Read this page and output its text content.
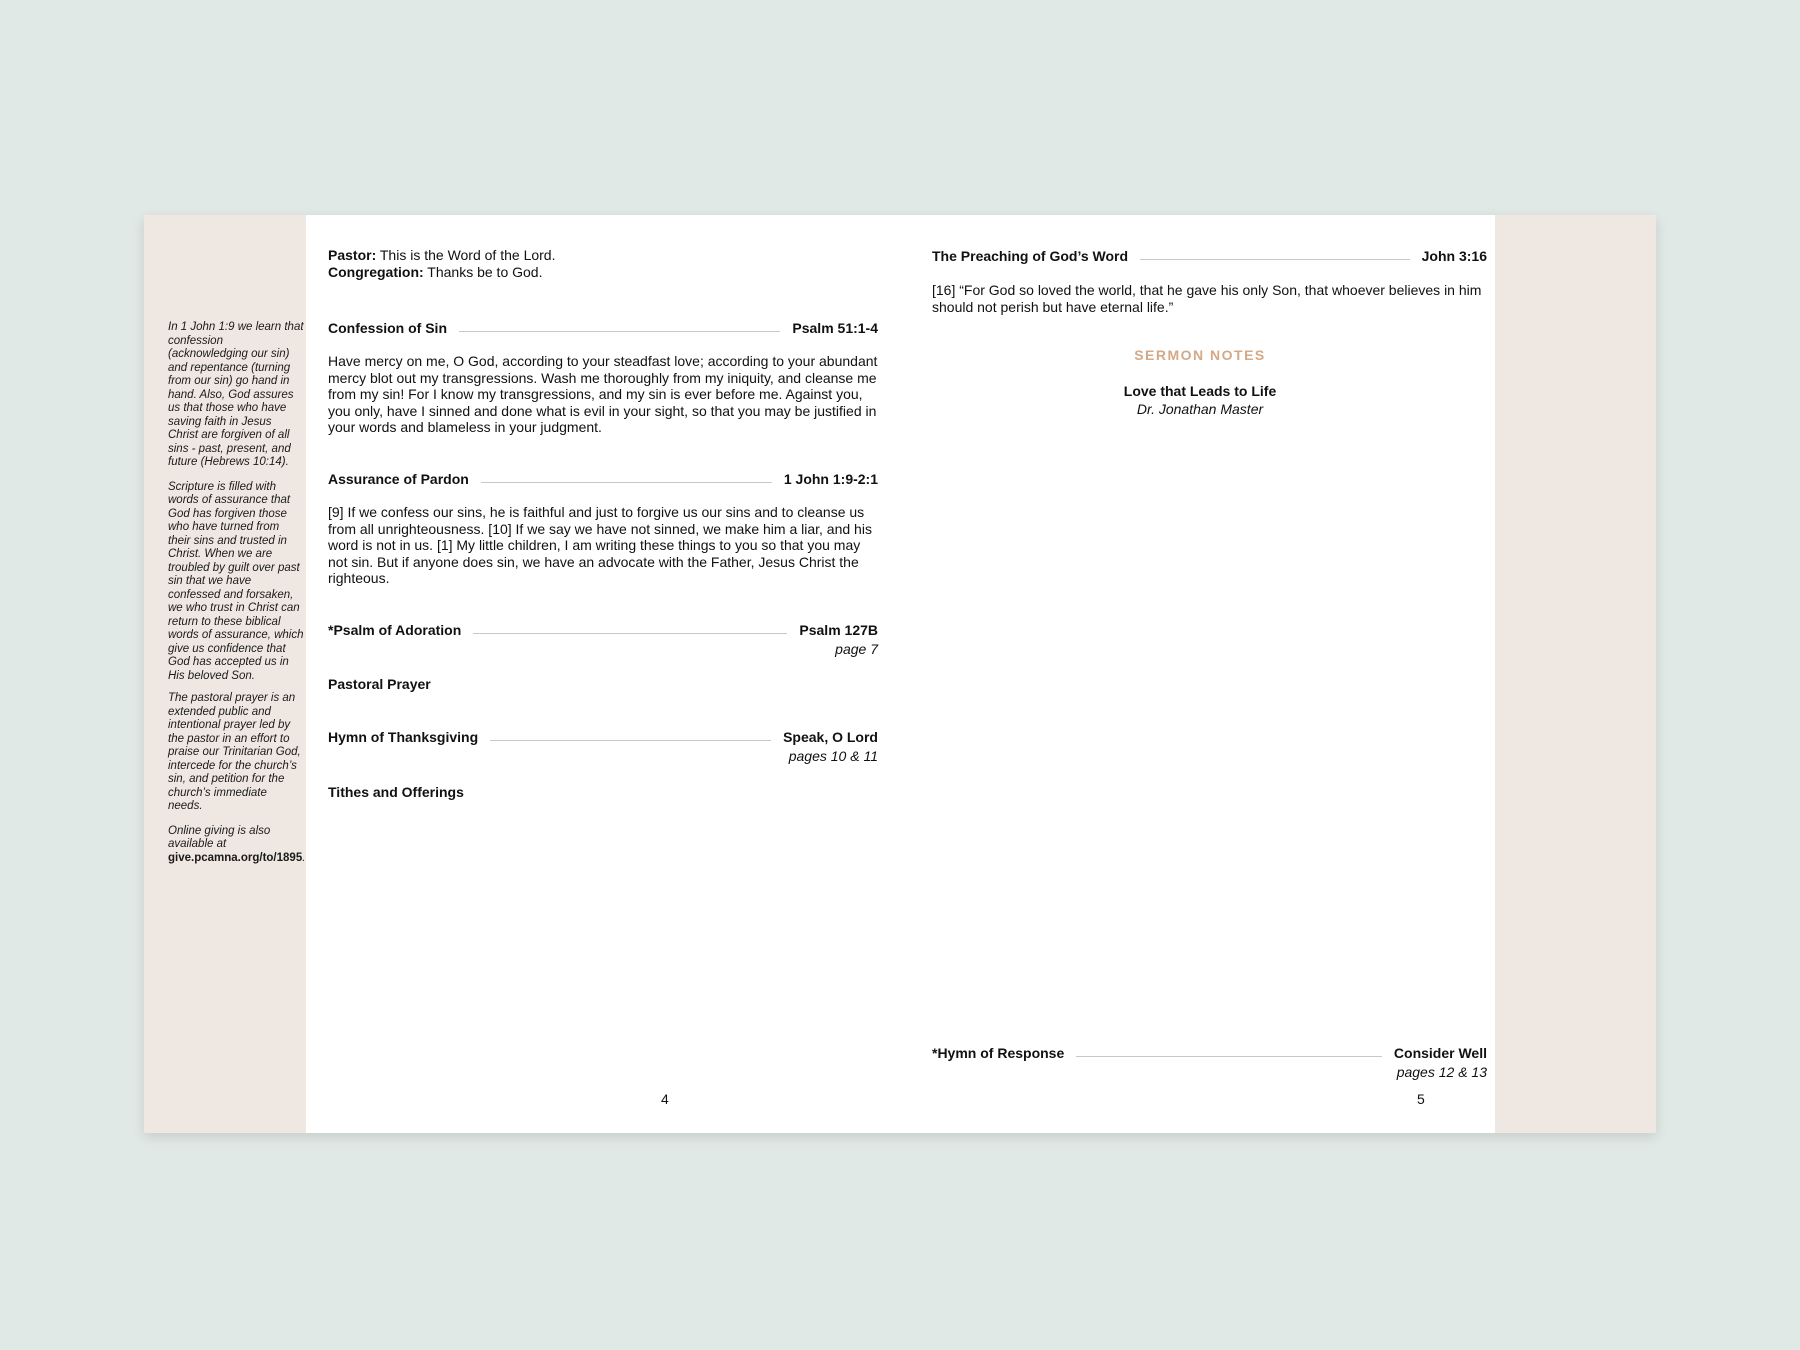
In 1 John 1:9 we learn that confession (acknowledging our sin) and repentance (turning from our sin) go hand in hand. Also, God assures us that those who have saving faith in Jesus Christ are forgiven of all sins - past, present, and future (Hebrews 10:14).

Scripture is filled with words of assurance that God has forgiven those who have turned from their sins and trusted in Christ. When we are troubled by guilt over past sin that we have confessed and forsaken, we who trust in Christ can return to these biblical words of assurance, which give us confidence that God has accepted us in His beloved Son.

The pastoral prayer is an extended public and intentional prayer led by the pastor in an effort to praise our Trinitarian God, intercede for the church’s sin, and petition for the church’s immediate needs.

Online giving is also available at give.pcamna.org/to/1895.

Pastor: This is the Word of the Lord.
Congregation: Thanks be to God.
Confession of Sin	Psalm 51:1-4
Have mercy on me, O God, according to your steadfast love; according to your abundant mercy blot out my transgressions. Wash me thoroughly from my iniquity, and cleanse me from my sin! For I know my transgressions, and my sin is ever before me. Against you, you only, have I sinned and done what is evil in your sight, so that you may be justified in your words and blameless in your judgment.
Assurance of Pardon	1 John 1:9-2:1
[9] If we confess our sins, he is faithful and just to forgive us our sins and to cleanse us from all unrighteousness. [10] If we say we have not sinned, we make him a liar, and his word is not in us. [1] My little children, I am writing these things to you so that you may not sin. But if anyone does sin, we have an advocate with the Father, Jesus Christ the righteous.
*Psalm of Adoration	Psalm 127B
page 7
Pastoral Prayer
Hymn of Thanksgiving	Speak, O Lord
pages 10 & 11
Tithes and Offerings
4
The Preaching of God’s Word	John 3:16
[16] “For God so loved the world, that he gave his only Son, that whoever believes in him should not perish but have eternal life.”
SERMON NOTES
Love that Leads to Life
Dr. Jonathan Master
*Hymn of Response	Consider Well
pages 12 & 13
5
